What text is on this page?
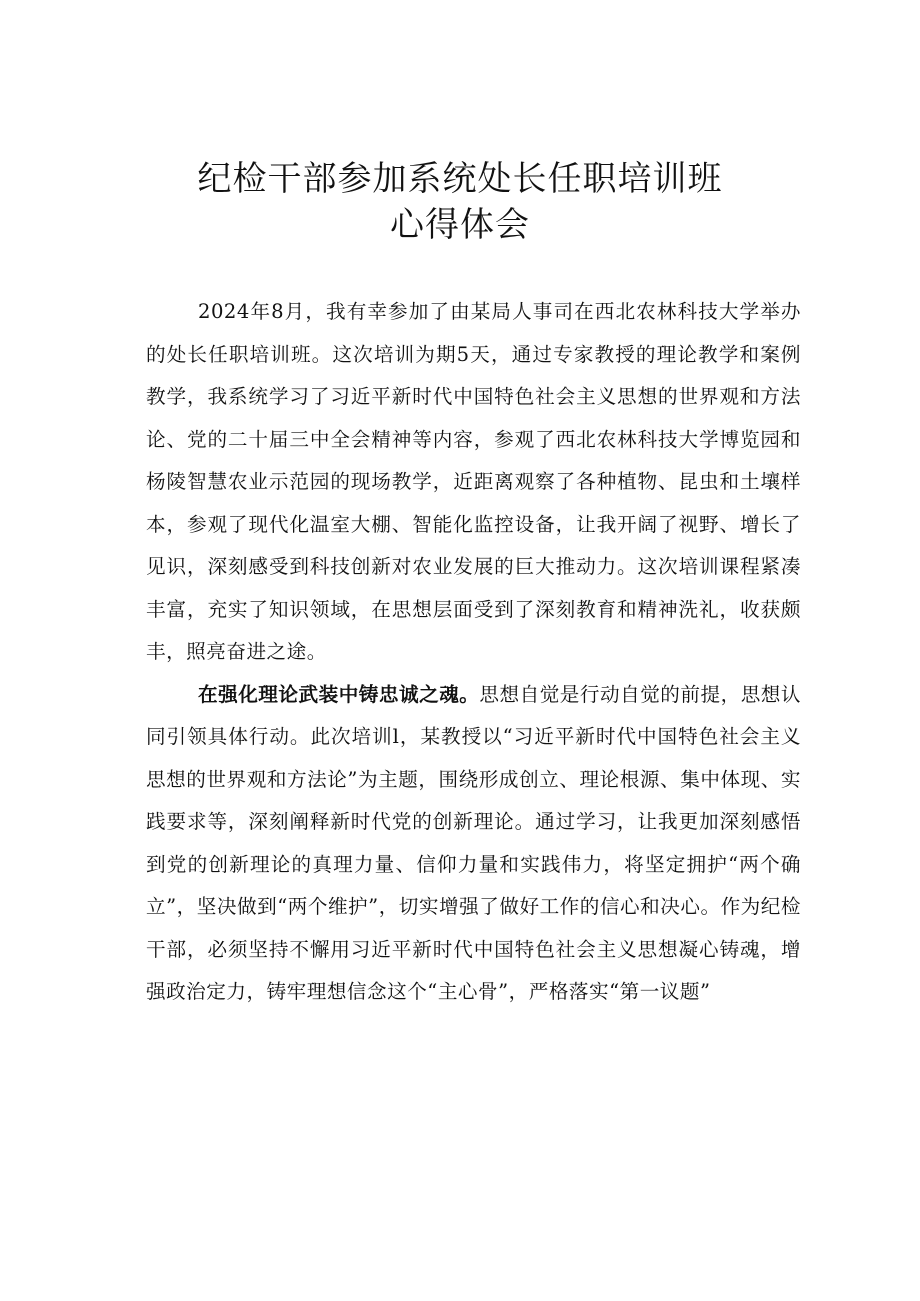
纪检干部参加系统处长任职培训班
心得体会

2024年8月，我有幸参加了由某局人事司在西北农林科技大学举办的处长任职培训班。这次培训为期5天，通过专家教授的理论教学和案例教学，我系统学习了习近平新时代中国特色社会主义思想的世界观和方法论、党的二十届三中全会精神等内容，参观了西北农林科技大学博览园和杨陵智慧农业示范园的现场教学，近距离观察了各种植物、昆虫和土壤样本，参观了现代化温室大棚、智能化监控设备，让我开阔了视野、增长了见识，深刻感受到科技创新对农业发展的巨大推动力。这次培训课程紧凑丰富，充实了知识领域，在思想层面受到了深刻教育和精神洗礼，收获颇丰，照亮奋进之途。

在强化理论武装中铸忠诚之魂。思想自觉是行动自觉的前提，思想认同引领具体行动。此次培训l，某教授以“习近平新时代中国特色社会主义思想的世界观和方法论”为主题，围绕形成创立、理论根源、集中体现、实践要求等，深刻阐释新时代党的创新理论。通过学习，让我更加深刻感悟到党的创新理论的真理力量、信仰力量和实践伟力，将坚定拥护“两个确立”，坚决做到“两个维护”，切实增强了做好工作的信心和决心。作为纪检干部，必须坚持不懈用习近平新时代中国特色社会主义思想凝心铸魂，增强政治定力，铸牢理想信念这个“主心骨”，严格落实“第一议题”
